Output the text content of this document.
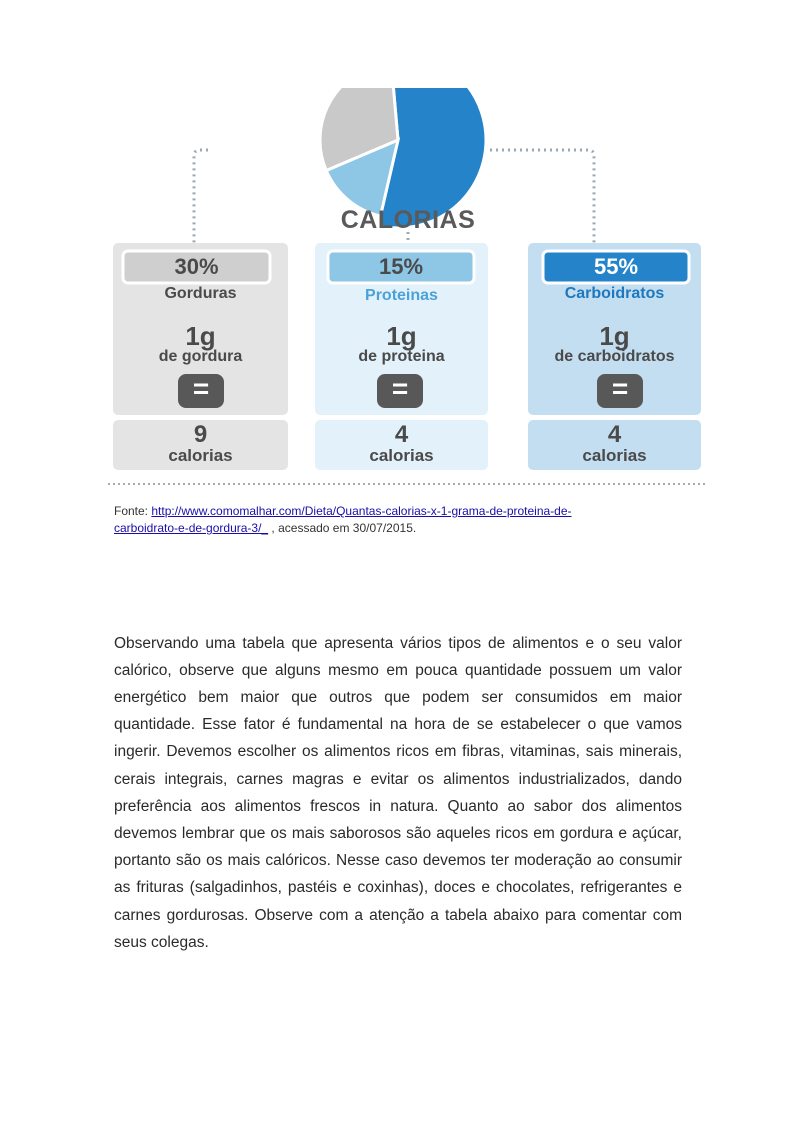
CALORIAS
30%
Gorduras
1g
de gordura
=
9
calorias
15%
Proteinas
1g
de proteina
=
4
calorias
55%
Carboidratos
1g
de carboidratos
=
4
calorias
Fonte: http://www.comomalhar.com/Dieta/Quantas-calorias-x-1-grama-de-proteina-de-carboidrato-e-de-gordura-3/_ , acessado em 30/07/2015.

Observando uma tabela que apresenta vários tipos de alimentos e o seu valor calórico, observe que alguns mesmo em pouca quantidade possuem um valor energético bem maior que outros que podem ser consumidos em maior quantidade. Esse fator é fundamental na hora de se estabelecer o que vamos ingerir. Devemos escolher os alimentos ricos em fibras, vitaminas, sais minerais, cerais integrais, carnes magras e evitar os alimentos industrializados, dando preferência aos alimentos frescos in natura. Quanto ao sabor dos alimentos devemos lembrar que os mais saborosos são aqueles ricos em gordura e açúcar, portanto são os mais calóricos. Nesse caso devemos ter moderação ao consumir as frituras (salgadinhos, pastéis e coxinhas), doces e chocolates, refrigerantes e carnes gordurosas. Observe com a atenção a tabela abaixo para comentar com seus colegas.
